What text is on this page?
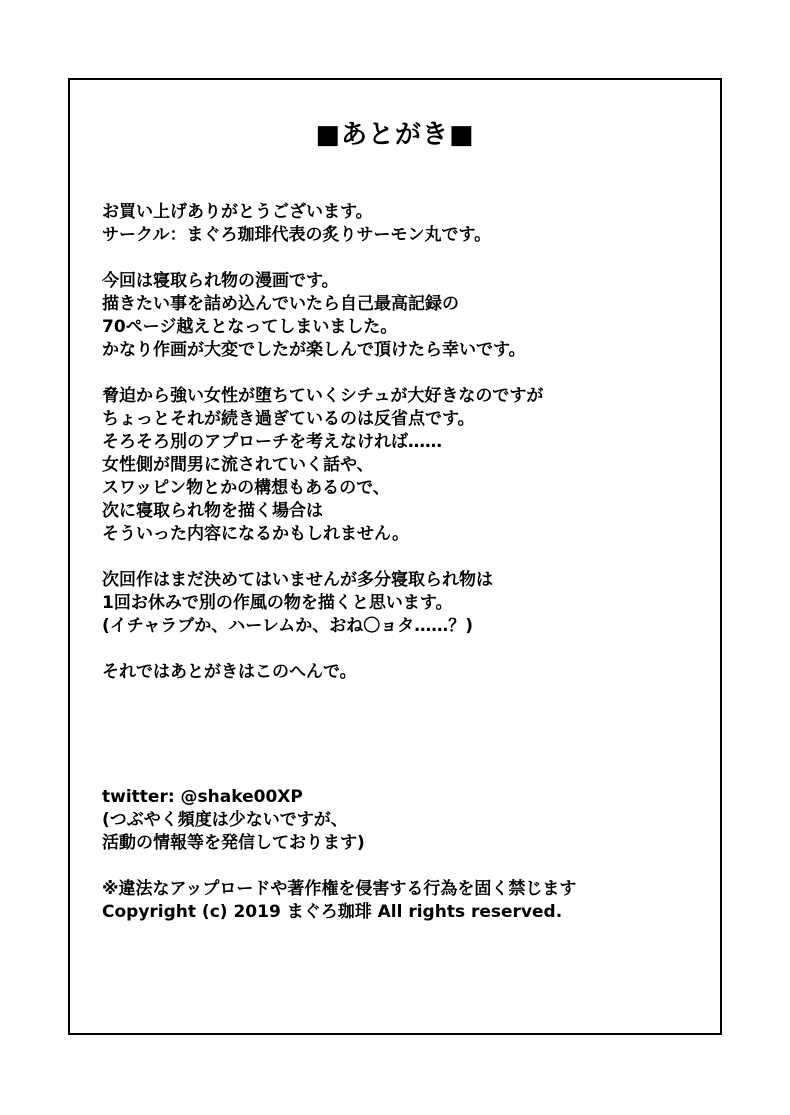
■あとがき■
お買い上げありがとうございます。
サークル：まぐろ珈琲代表の炙りサーモン丸です。
今回は寝取られ物の漫画です。
描きたい事を詰め込んでいたら自己最高記録の
70ページ越えとなってしまいました。
かなり作画が大変でしたが楽しんで頂けたら幸いです。
脅迫から強い女性が堕ちていくシチュが大好きなのですが
ちょっとそれが続き過ぎているのは反省点です。
そろそろ別のアプローチを考えなければ……
女性側が間男に流されていく話や、
スワッピン物とかの構想もあるので、
次に寝取られ物を描く場合は
そういった内容になるかもしれません。
次回作はまだ決めてはいませんが多分寝取られ物は
1回お休みで別の作風の物を描くと思います。
(イチャラブか、ハーレムか、おね〇ョタ……？)
それではあとがきはこのへんで。
twitter: @shake00XP
(つぶやく頻度は少ないですが、
活動の情報等を発信しております)

※違法なアップロードや著作権を侵害する行為を固く禁じます
Copyright (c) 2019 まぐろ珈琲 All rights reserved.
